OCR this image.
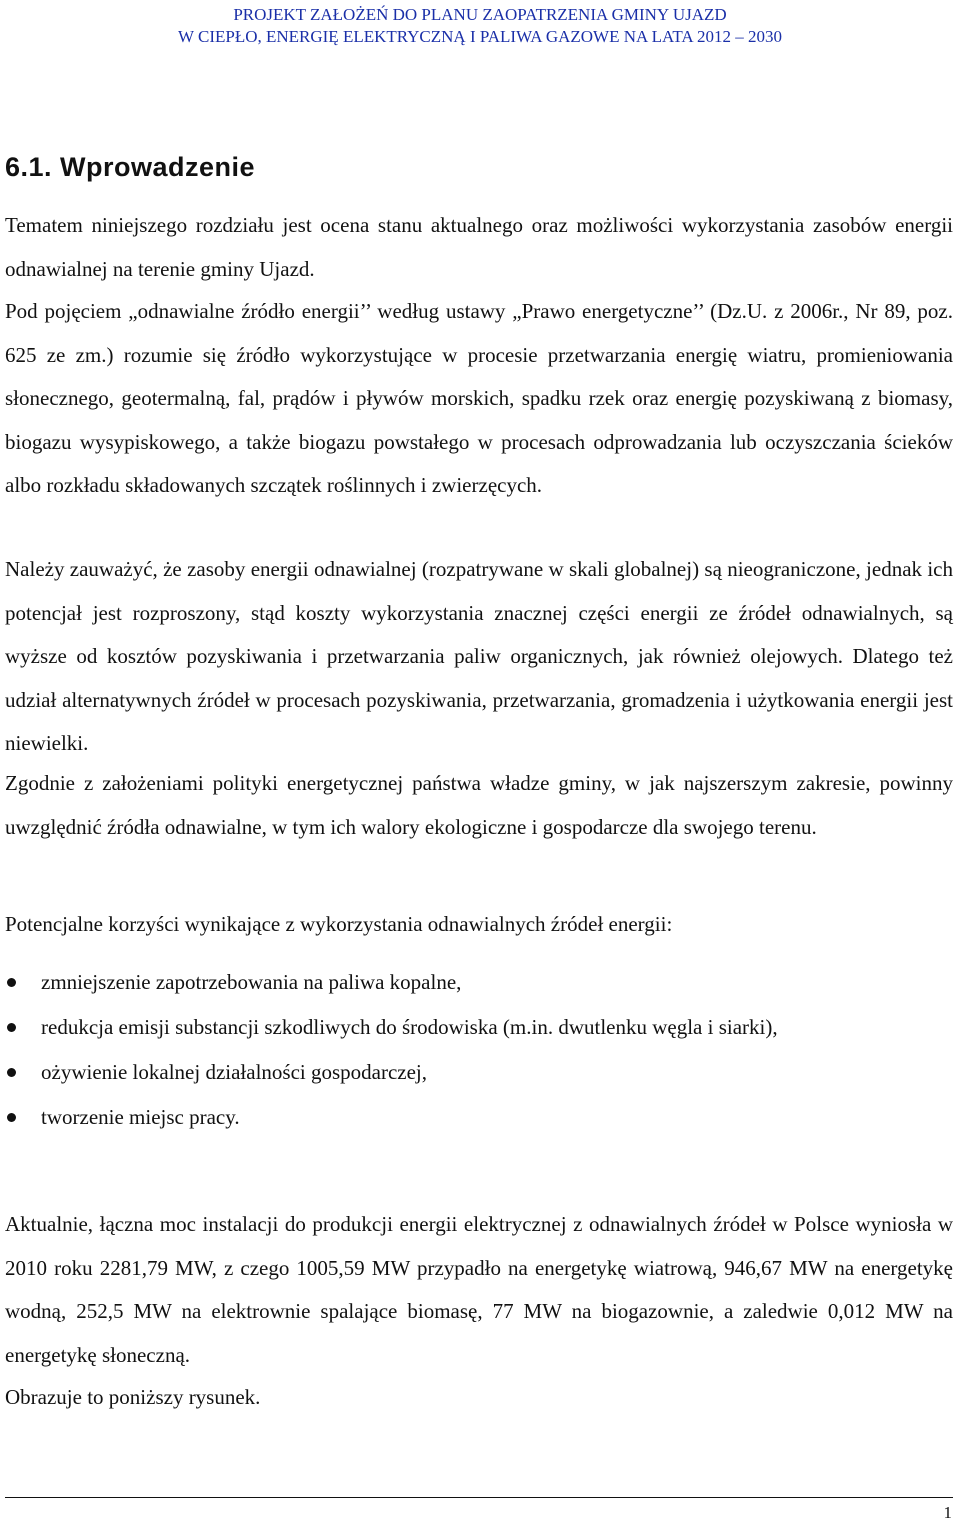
PROJEKT ZAŁOŻEŃ DO PLANU ZAOPATRZENIA GMINY UJAZD
W CIEPŁO, ENERGIĘ ELEKTRYCZNĄ I PALIWA GAZOWE NA LATA 2012 – 2030
6.1. Wprowadzenie

Tematem niniejszego rozdziału jest ocena stanu aktualnego oraz możliwości wykorzystania zasobów energii odnawialnej na terenie gminy Ujazd.

Pod pojęciem „odnawialne źródło energii’’ według ustawy „Prawo energetyczne’’ (Dz.U. z 2006r., Nr 89, poz. 625 ze zm.) rozumie się źródło wykorzystujące w procesie przetwarzania energię wiatru, promieniowania słonecznego, geotermalną, fal, prądów i pływów morskich, spadku rzek oraz energię pozyskiwaną z biomasy, biogazu wysypiskowego, a także biogazu powstałego w procesach odprowadzania lub oczyszczania ścieków albo rozkładu składowanych szczątek roślinnych i zwierzęcych.

Należy zauważyć, że zasoby energii odnawialnej (rozpatrywane w skali globalnej) są nieograniczone, jednak ich potencjał jest rozproszony, stąd koszty wykorzystania znacznej części energii ze źródeł odnawialnych, są wyższe od kosztów pozyskiwania i przetwarzania paliw organicznych, jak również olejowych. Dlatego też udział alternatywnych źródeł w procesach pozyskiwania, przetwarzania, gromadzenia i użytkowania energii jest niewielki.

Zgodnie z założeniami polityki energetycznej państwa władze gminy, w jak najszerszym zakresie, powinny uwzględnić źródła odnawialne, w tym ich walory ekologiczne i gospodarcze dla swojego terenu.

Potencjalne korzyści wynikające z wykorzystania odnawialnych źródeł energii:

zmniejszenie zapotrzebowania na paliwa kopalne,
redukcja emisji substancji szkodliwych do środowiska (m.in. dwutlenku węgla i siarki),
ożywienie lokalnej działalności gospodarczej,
tworzenie miejsc pracy.

Aktualnie, łączna moc instalacji do produkcji energii elektrycznej z odnawialnych źródeł w Polsce wyniosła w 2010 roku 2281,79 MW, z czego 1005,59 MW przypadło na energetykę wiatrową, 946,67 MW na energetykę wodną, 252,5 MW na elektrownie spalające biomasę, 77 MW na biogazownie, a zaledwie 0,012 MW na energetykę słoneczną.

Obrazuje to poniższy rysunek.

1
